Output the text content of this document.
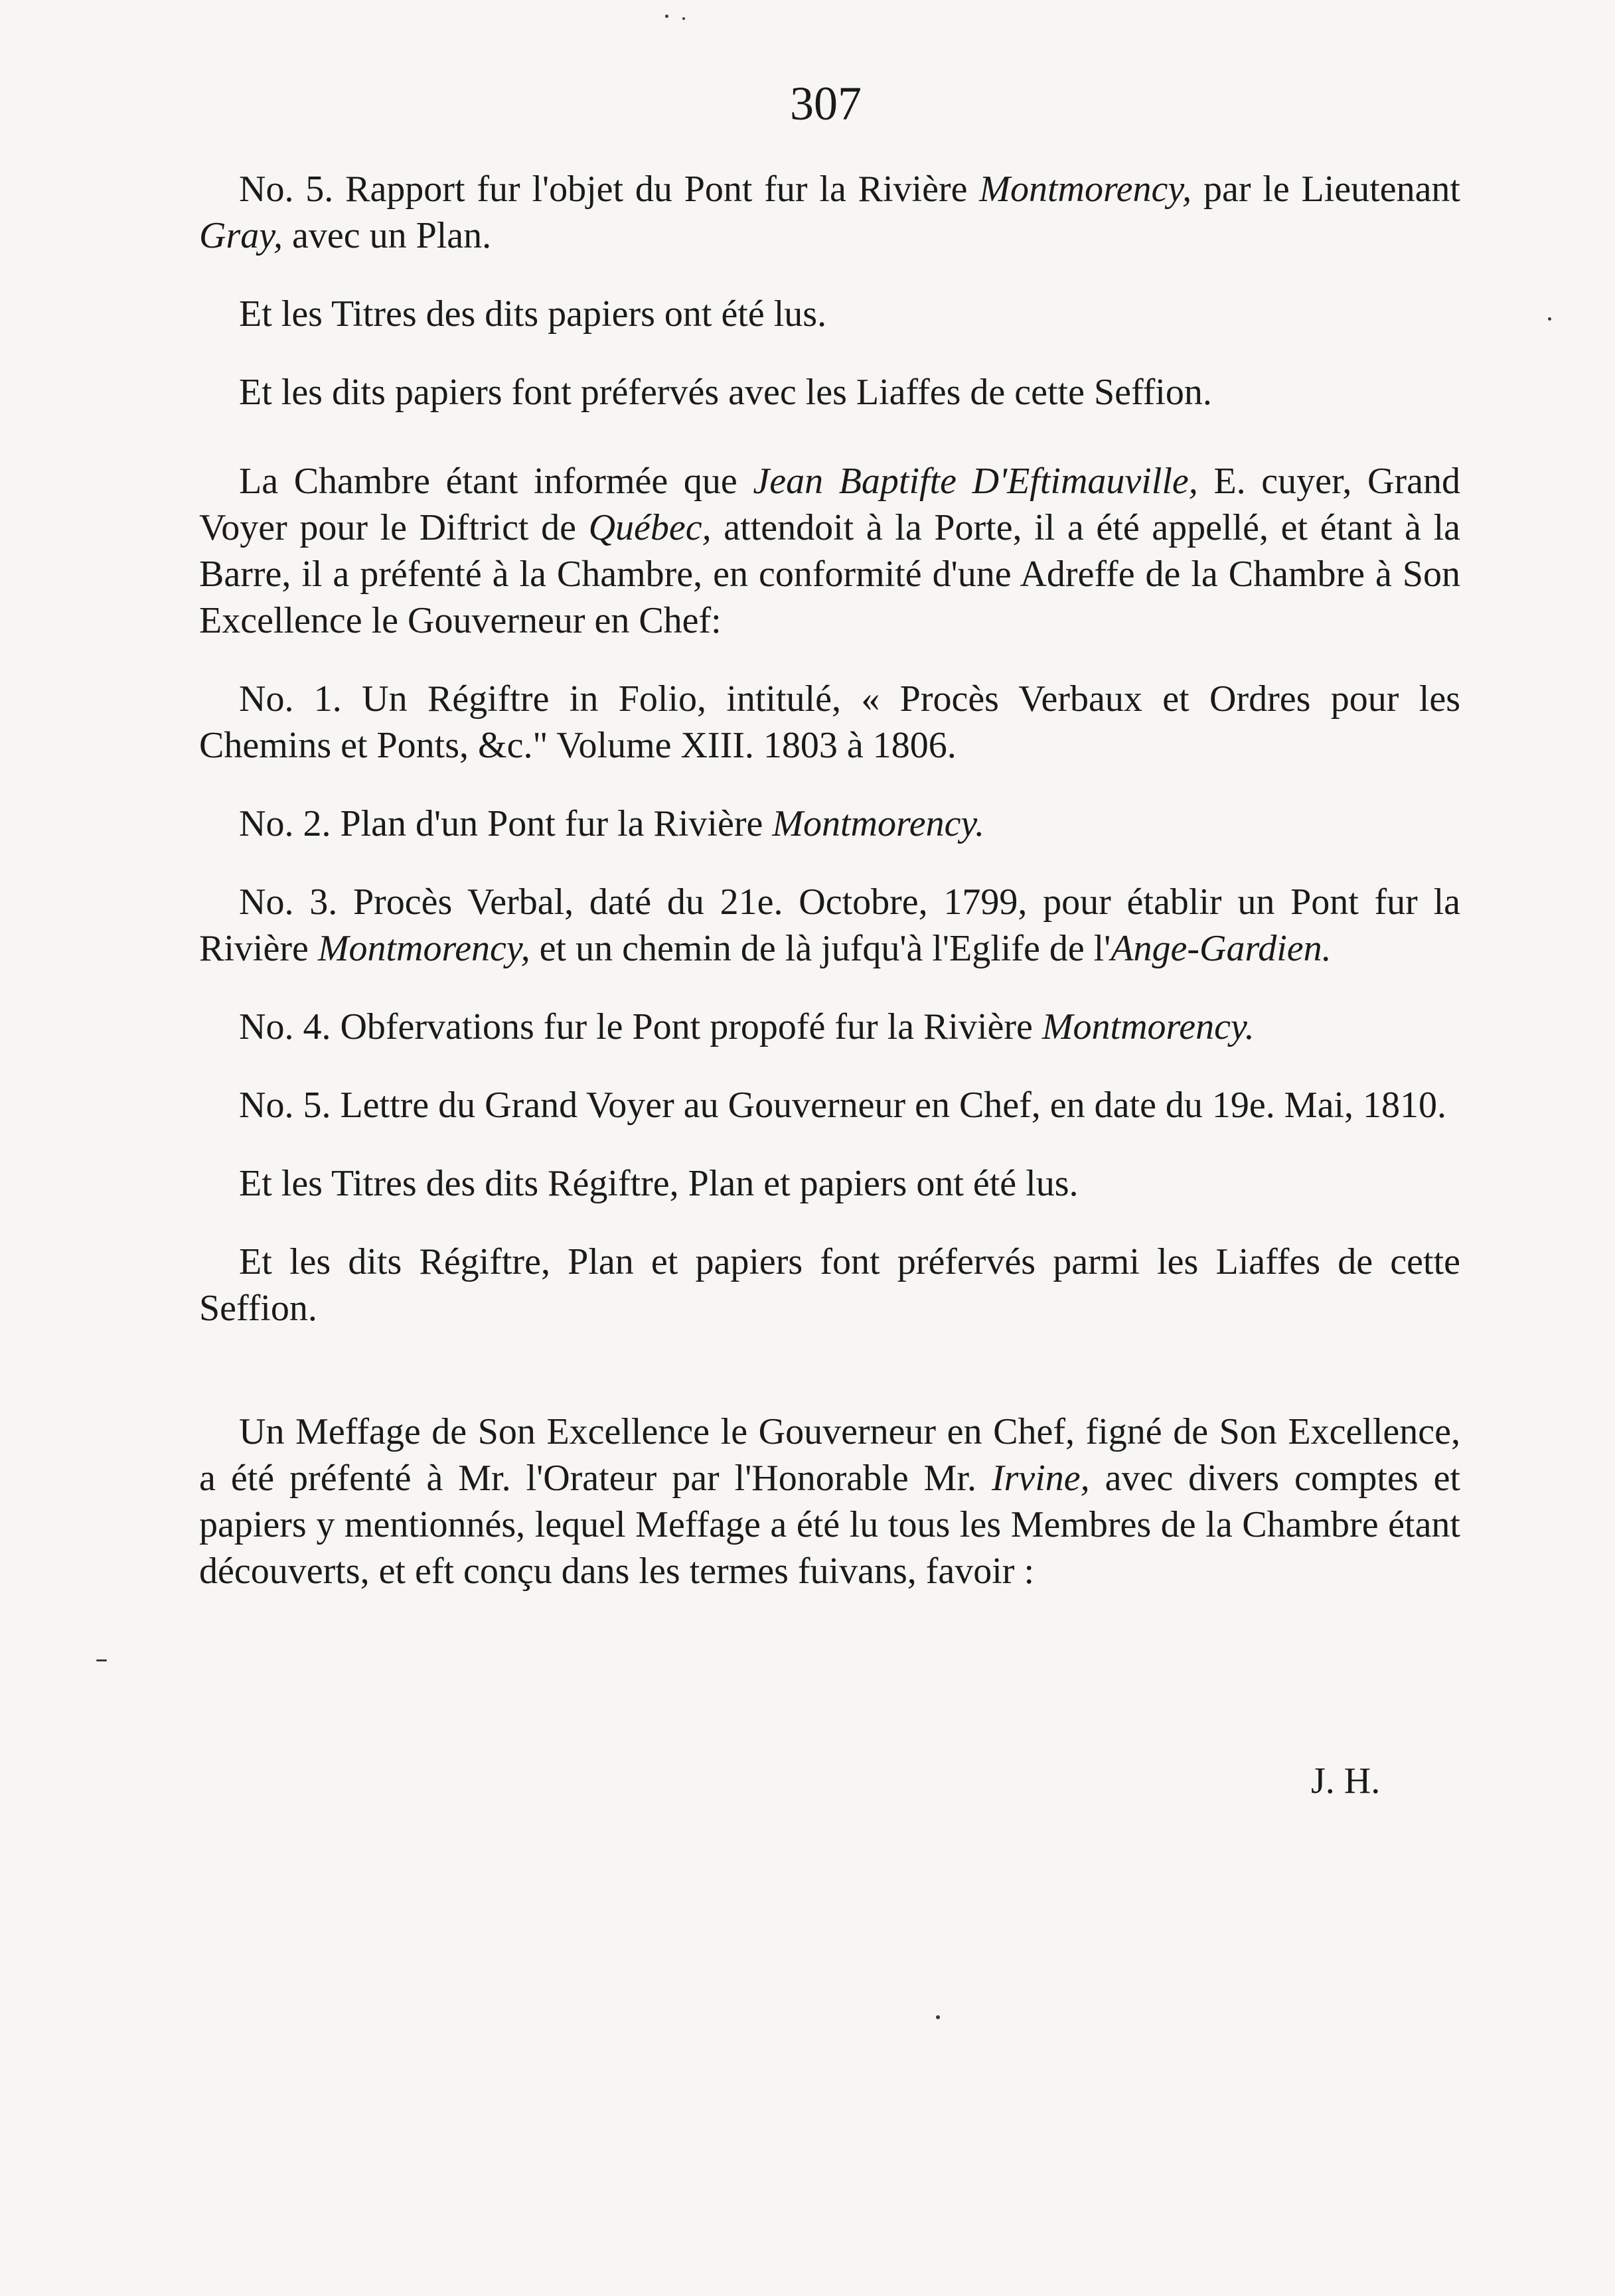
307

No. 5. Rapport fur l'objet du Pont fur la Rivière Montmorency, par le Lieutenant Gray, avec un Plan.

Et les Titres des dits papiers ont été lus.

Et les dits papiers font préfervés avec les Liaffes de cette Seffion.

La Chambre étant informée que Jean Baptifte D'Eftimauville, E. cuyer, Grand Voyer pour le Diftrict de Québec, attendoit à la Porte, il a été appellé, et étant à la Barre, il a préfenté à la Chambre, en conformité d'une Adreffe de la Chambre à Son Excellence le Gouverneur en Chef:

No. 1. Un Régiftre in Folio, intitulé, « Procès Verbaux et Ordres pour les Chemins et Ponts, &c." Volume XIII. 1803 à 1806.

No. 2. Plan d'un Pont fur la Rivière Montmorency.

No. 3. Procès Verbal, daté du 21e. Octobre, 1799, pour établir un Pont fur la Rivière Montmorency, et un chemin de là jufqu'à l'Eglife de l'Ange-Gardien.

No. 4. Obfervations fur le Pont propofé fur la Rivière Montmorency.

No. 5. Lettre du Grand Voyer au Gouverneur en Chef, en date du 19e. Mai, 1810.

Et les Titres des dits Régiftre, Plan et papiers ont été lus.

Et les dits Régiftre, Plan et papiers font préfervés parmi les Liaffes de cette Seffion.

Un Meffage de Son Excellence le Gouverneur en Chef, figné de Son Excellence, a été préfenté à Mr. l'Orateur par l'Honorable Mr. Irvine, avec divers comptes et papiers y mentionnés, lequel Meffage a été lu tous les Membres de la Chambre étant découverts, et eft conçu dans les termes fuivans, favoir :

J. H.
